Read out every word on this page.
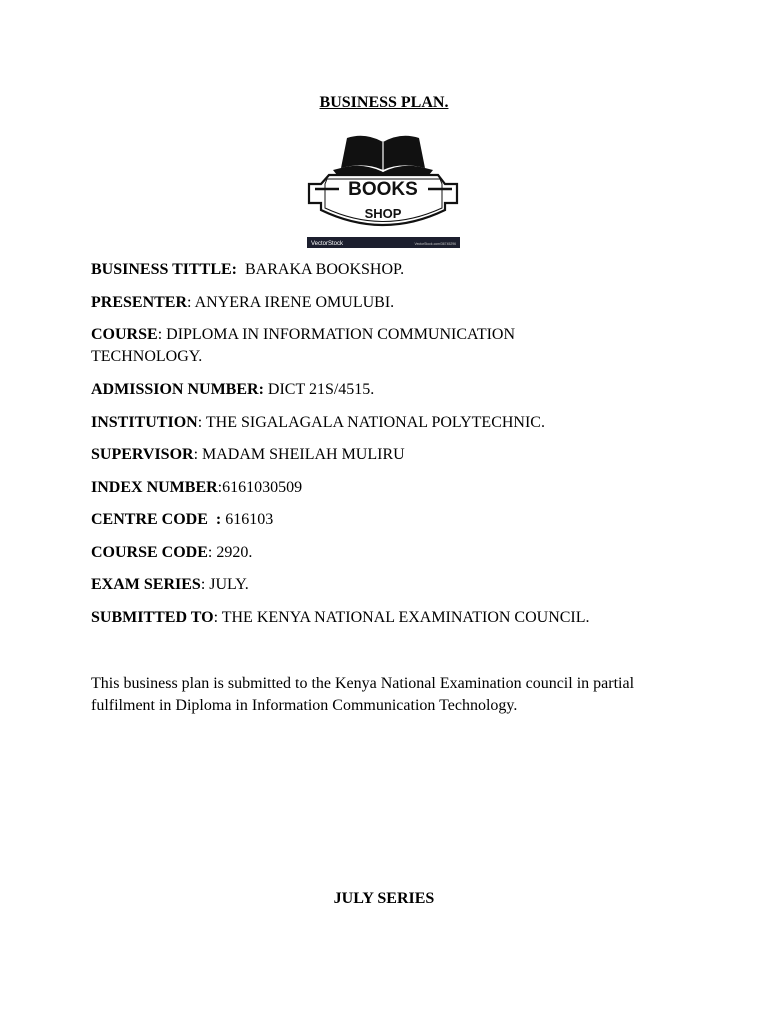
BUSINESS PLAN.
BOOKS
SHOP
VectorStock	VectorStock.com/36745296
BUSINESS TITTLE:  BARAKA BOOKSHOP.
PRESENTER: ANYERA IRENE OMULUBI.
COURSE: DIPLOMA IN INFORMATION COMMUNICATION TECHNOLOGY.
ADMISSION NUMBER: DICT 21S/4515.
INSTITUTION: THE SIGALAGALA NATIONAL POLYTECHNIC.
SUPERVISOR: MADAM SHEILAH MULIRU
INDEX NUMBER:6161030509
CENTRE CODE  : 616103
COURSE CODE: 2920.
EXAM SERIES: JULY.
SUBMITTED TO: THE KENYA NATIONAL EXAMINATION COUNCIL.
This business plan is submitted to the Kenya National Examination council in partial fulfilment in Diploma in Information Communication Technology.
JULY SERIES
